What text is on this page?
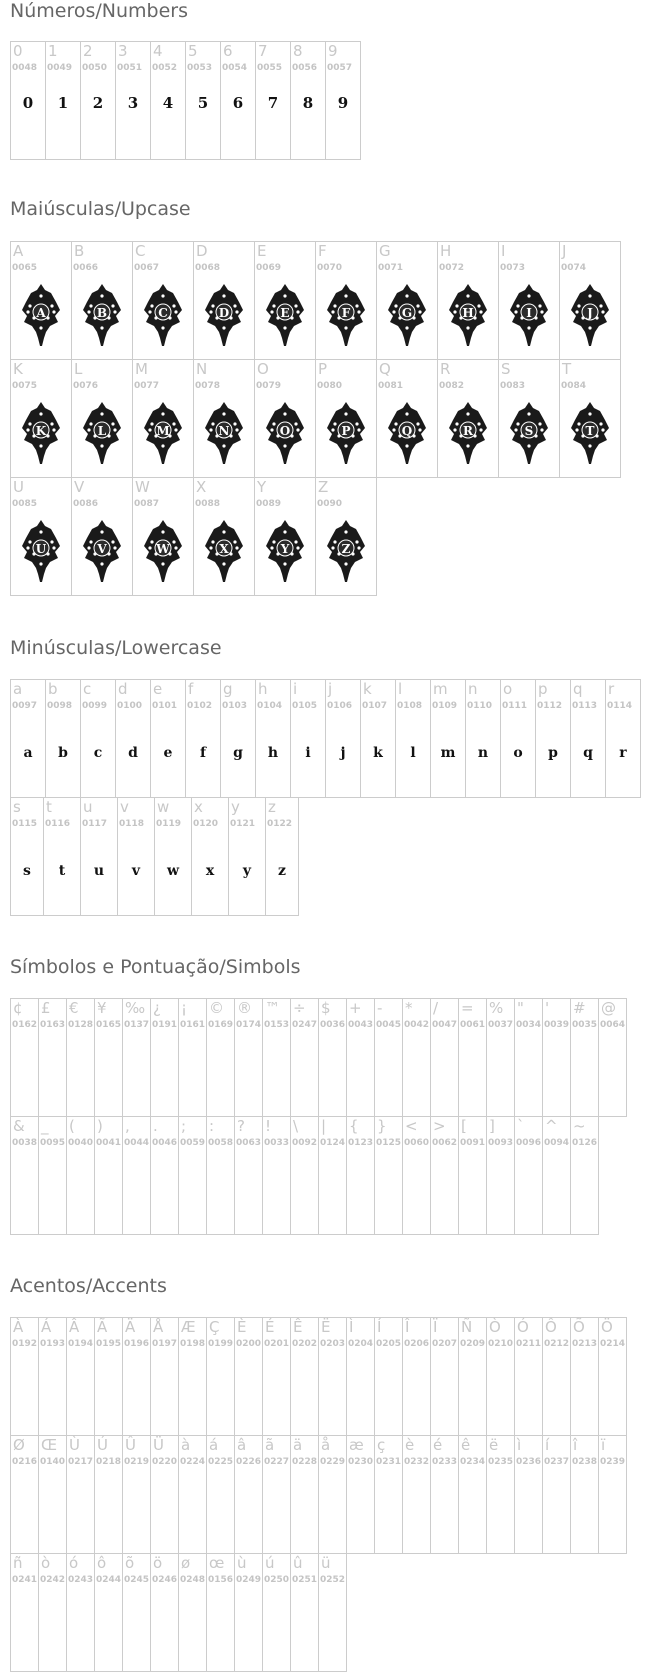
Números/Numbers
0
0048
0
1
0049
1
2
0050
2
3
0051
3
4
0052
4
5
0053
5
6
0054
6
7
0055
7
8
0056
8
9
0057
9
Maiúsculas/Upcase
A
0065
A
B
0066
B
C
0067
C
D
0068
D
E
0069
E
F
0070
F
G
0071
G
H
0072
H
I
0073
I
J
0074
J
K
0075
K
L
0076
L
M
0077
M
N
0078
N
O
0079
O
P
0080
P
Q
0081
Q
R
0082
R
S
0083
S
T
0084
T
U
0085
U
V
0086
V
W
0087
W
X
0088
X
Y
0089
Y
Z
0090
Z
Minúsculas/Lowercase
a
0097
a
b
0098
b
c
0099
c
d
0100
d
e
0101
e
f
0102
f
g
0103
g
h
0104
h
i
0105
i
j
0106
j
k
0107
k
l
0108
l
m
0109
m
n
0110
n
o
0111
o
p
0112
p
q
0113
q
r
0114
r
s
0115
s
t
0116
t
u
0117
u
v
0118
v
w
0119
w
x
0120
x
y
0121
y
z
0122
z
Símbolos e Pontuação/Simbols
¢
0162
£
0163
€
0128
¥
0165
‰
0137
¿
0191
¡
0161
©
0169
®
0174
™
0153
÷
0247
$
0036
+
0043
-
0045
*
0042
/
0047
=
0061
%
0037
"
0034
'
0039
#
0035
@
0064
&
0038
_
0095
(
0040
)
0041
,
0044
.
0046
;
0059
:
0058
?
0063
!
0033
\
0092
|
0124
{
0123
}
0125
<
0060
>
0062
[
0091
]
0093
`
0096
^
0094
~
0126
Acentos/Accents
À
0192
Á
0193
Â
0194
Ã
0195
Ä
0196
Å
0197
Æ
0198
Ç
0199
È
0200
É
0201
Ê
0202
Ë
0203
Ì
0204
Í
0205
Î
0206
Ï
0207
Ñ
0209
Ò
0210
Ó
0211
Ô
0212
Õ
0213
Ö
0214
Ø
0216
Œ
0140
Ù
0217
Ú
0218
Û
0219
Ü
0220
à
0224
á
0225
â
0226
ã
0227
ä
0228
å
0229
æ
0230
ç
0231
è
0232
é
0233
ê
0234
ë
0235
ì
0236
í
0237
î
0238
ï
0239
ñ
0241
ò
0242
ó
0243
ô
0244
õ
0245
ö
0246
ø
0248
œ
0156
ù
0249
ú
0250
û
0251
ü
0252
